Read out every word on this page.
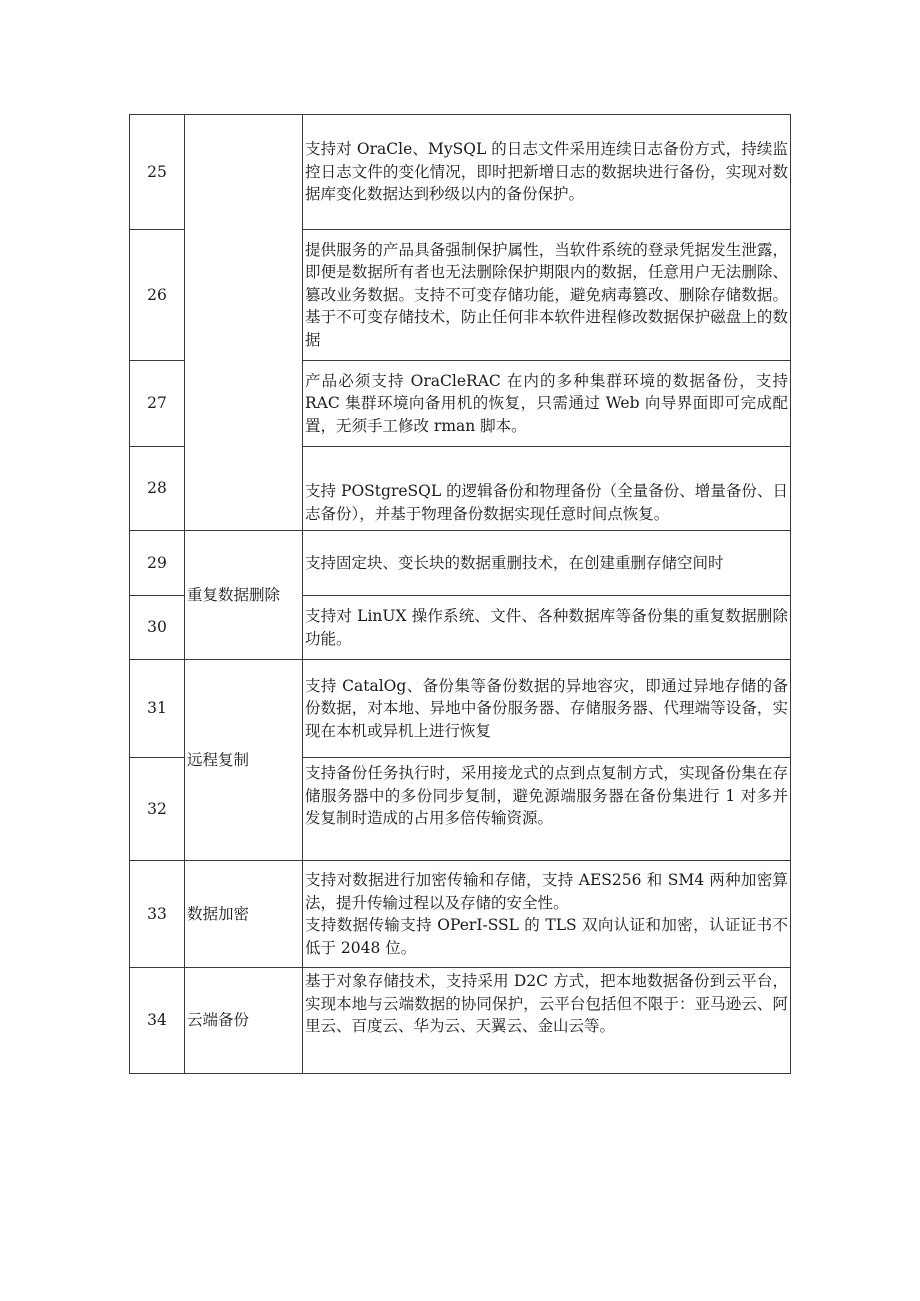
25		支持对 OraCle、MySQL 的日志文件采用连续日志备份方式，持续监控日志文件的变化情况，即时把新增日志的数据块进行备份，实现对数据库变化数据达到秒级以内的备份保护。

26		提供服务的产品具备强制保护属性，当软件系统的登录凭据发生泄露，即便是数据所有者也无法删除保护期限内的数据，任意用户无法删除、篡改业务数据。支持不可变存储功能，避免病毒篡改、删除存储数据。基于不可变存储技术，防止任何非本软件进程修改数据保护磁盘上的数据

27		产品必须支持 OraCleRAC 在内的多种集群环境的数据备份，支持 RAC 集群环境向备用机的恢复，只需通过 Web 向导界面即可完成配置，无须手工修改 rman 脚本。

28		支持 POStgreSQL 的逻辑备份和物理备份（全量备份、增量备份、日志备份），并基于物理备份数据实现任意时间点恢复。

29	重复数据删除	支持固定块、变长块的数据重删技术，在创建重删存储空间时

30		支持对 LinUX 操作系统、文件、各种数据库等备份集的重复数据删除功能。

31	远程复制	支持 CatalOg、备份集等备份数据的异地容灾，即通过异地存储的备份数据，对本地、异地中备份服务器、存储服务器、代理端等设备，实现在本机或异机上进行恢复

32		支持备份任务执行时，采用接龙式的点到点复制方式，实现备份集在存储服务器中的多份同步复制，避免源端服务器在备份集进行 1 对多并发复制时造成的占用多倍传输资源。

33	数据加密	支持对数据进行加密传输和存储，支持 AES256 和 SM4 两种加密算法，提升传输过程以及存储的安全性。
支持数据传输支持 OPerI-SSL 的 TLS 双向认证和加密，认证证书不低于 2048 位。

34	云端备份	基于对象存储技术，支持采用 D2C 方式，把本地数据备份到云平台，实现本地与云端数据的协同保护，云平台包括但不限于：亚马逊云、阿里云、百度云、华为云、天翼云、金山云等。
